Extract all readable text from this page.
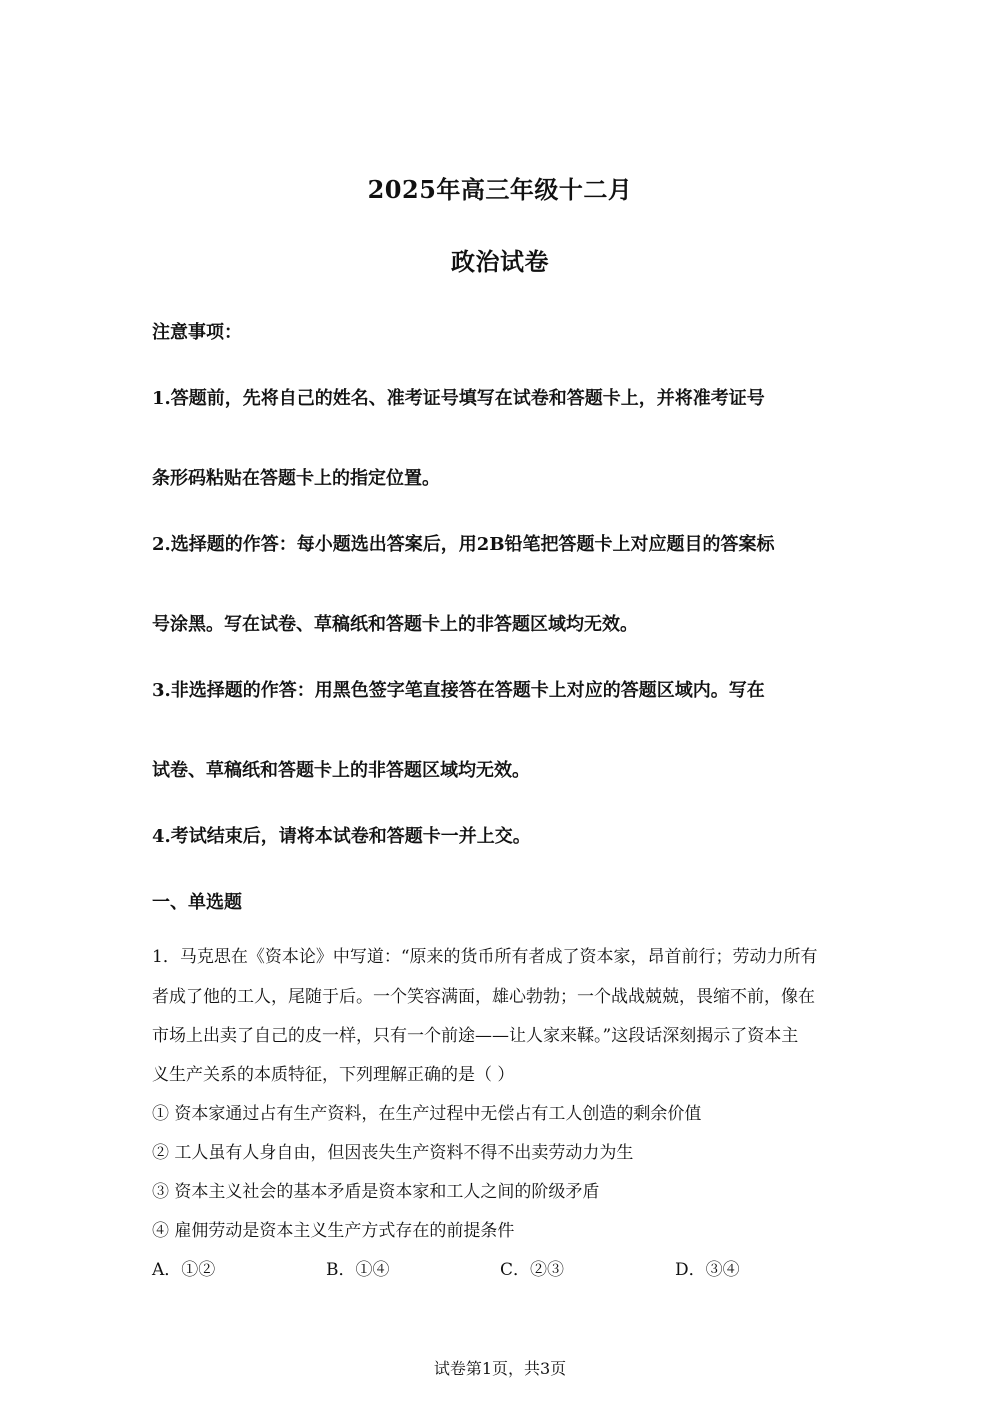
2025年高三年级十二月
政治试卷
注意事项：
1.答题前，先将自己的姓名、准考证号填写在试卷和答题卡上，并将准考证号
条形码粘贴在答题卡上的指定位置。
2.选择题的作答：每小题选出答案后，用2B铅笔把答题卡上对应题目的答案标
号涂黑。写在试卷、草稿纸和答题卡上的非答题区域均无效。
3.非选择题的作答：用黑色签字笔直接答在答题卡上对应的答题区域内。写在
试卷、草稿纸和答题卡上的非答题区域均无效。
4.考试结束后，请将本试卷和答题卡一并上交。
一、单选题
1．马克思在《资本论》中写道：“原来的货币所有者成了资本家，昂首前行；劳动力所有
者成了他的工人，尾随于后。一个笑容满面，雄心勃勃；一个战战兢兢，畏缩不前，像在
市场上出卖了自己的皮一样，只有一个前途——让人家来鞣。”这段话深刻揭示了资本主
义生产关系的本质特征，下列理解正确的是（ ）
① 资本家通过占有生产资料，在生产过程中无偿占有工人创造的剩余价值
② 工人虽有人身自由，但因丧失生产资料不得不出卖劳动力为生
③ 资本主义社会的基本矛盾是资本家和工人之间的阶级矛盾
④ 雇佣劳动是资本主义生产方式存在的前提条件
A．①②	B．①④	C．②③	D．③④
试卷第1页，共3页
